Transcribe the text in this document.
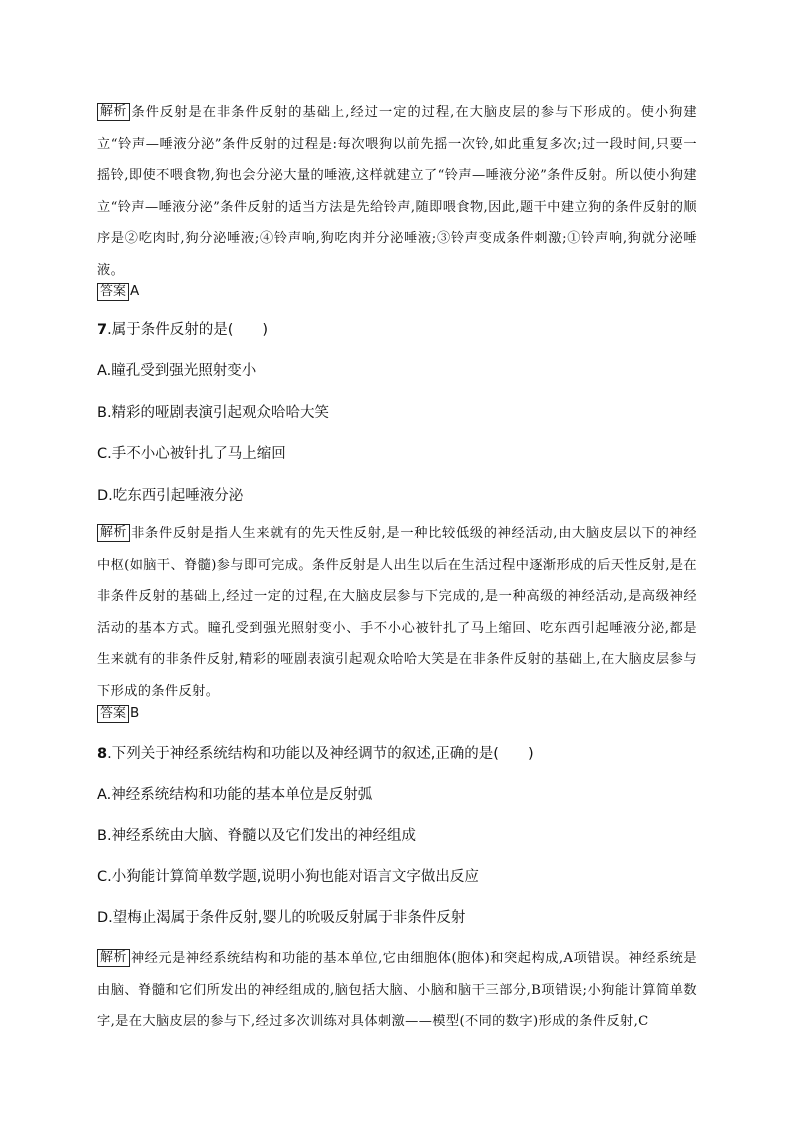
解析 条件反射是在非条件反射的基础上,经过一定的过程,在大脑皮层的参与下形成的。使小狗建立“铃声—唾液分泌”条件反射的过程是:每次喂狗以前先摇一次铃,如此重复多次;过一段时间,只要一摇铃,即使不喂食物,狗也会分泌大量的唾液,这样就建立了“铃声—唾液分泌”条件反射。所以使小狗建立“铃声—唾液分泌”条件反射的适当方法是先给铃声,随即喂食物,因此,题干中建立狗的条件反射的顺序是②吃肉时,狗分泌唾液;④铃声响,狗吃肉并分泌唾液;③铃声变成条件刺激;①铃声响,狗就分泌唾液。
答案 A
7.属于条件反射的是(　　)
A.瞳孔受到强光照射变小
B.精彩的哑剧表演引起观众哈哈大笑
C.手不小心被针扎了马上缩回
D.吃东西引起唾液分泌
解析 非条件反射是指人生来就有的先天性反射,是一种比较低级的神经活动,由大脑皮层以下的神经中枢(如脑干、脊髓)参与即可完成。条件反射是人出生以后在生活过程中逐渐形成的后天性反射,是在非条件反射的基础上,经过一定的过程,在大脑皮层参与下完成的,是一种高级的神经活动,是高级神经活动的基本方式。瞳孔受到强光照射变小、手不小心被针扎了马上缩回、吃东西引起唾液分泌,都是生来就有的非条件反射,精彩的哑剧表演引起观众哈哈大笑是在非条件反射的基础上,在大脑皮层参与下形成的条件反射。
答案 B
8.下列关于神经系统结构和功能以及神经调节的叙述,正确的是(　　)
A.神经系统结构和功能的基本单位是反射弧
B.神经系统由大脑、脊髓以及它们发出的神经组成
C.小狗能计算简单数学题,说明小狗也能对语言文字做出反应
D.望梅止渴属于条件反射,婴儿的吮吸反射属于非条件反射
解析 神经元是神经系统结构和功能的基本单位,它由细胞体(胞体)和突起构成,A项错误。神经系统是由脑、脊髓和它们所发出的神经组成的,脑包括大脑、小脑和脑干三部分,B项错误;小狗能计算简单数字,是在大脑皮层的参与下,经过多次训练对具体刺激——模型(不同的数字)形成的条件反射,C
